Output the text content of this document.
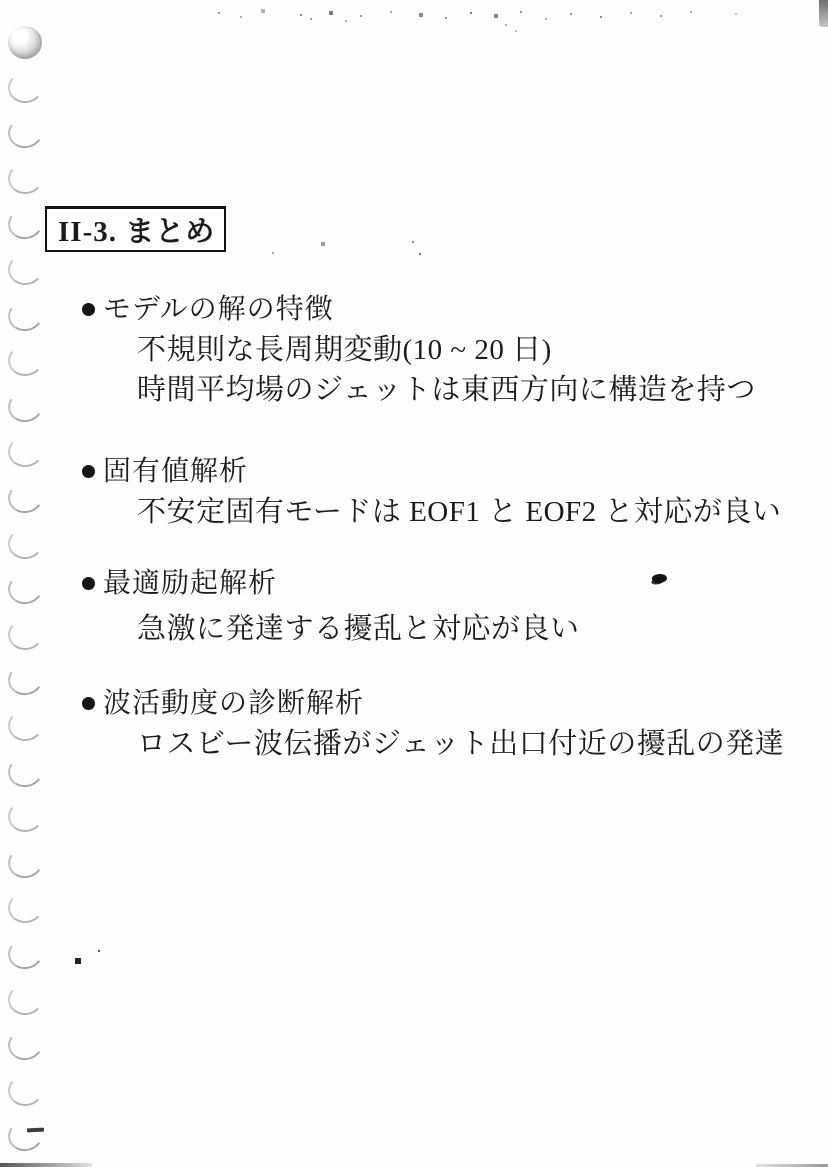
II-3. まとめ
モデルの解の特徴
不規則な長周期変動(10 ~ 20 日)
時間平均場のジェットは東西方向に構造を持つ
固有値解析
不安定固有モードは EOF1 と EOF2 と対応が良い
最適励起解析
急激に発達する擾乱と対応が良い
波活動度の診断解析
ロスビー波伝播がジェット出口付近の擾乱の発達
